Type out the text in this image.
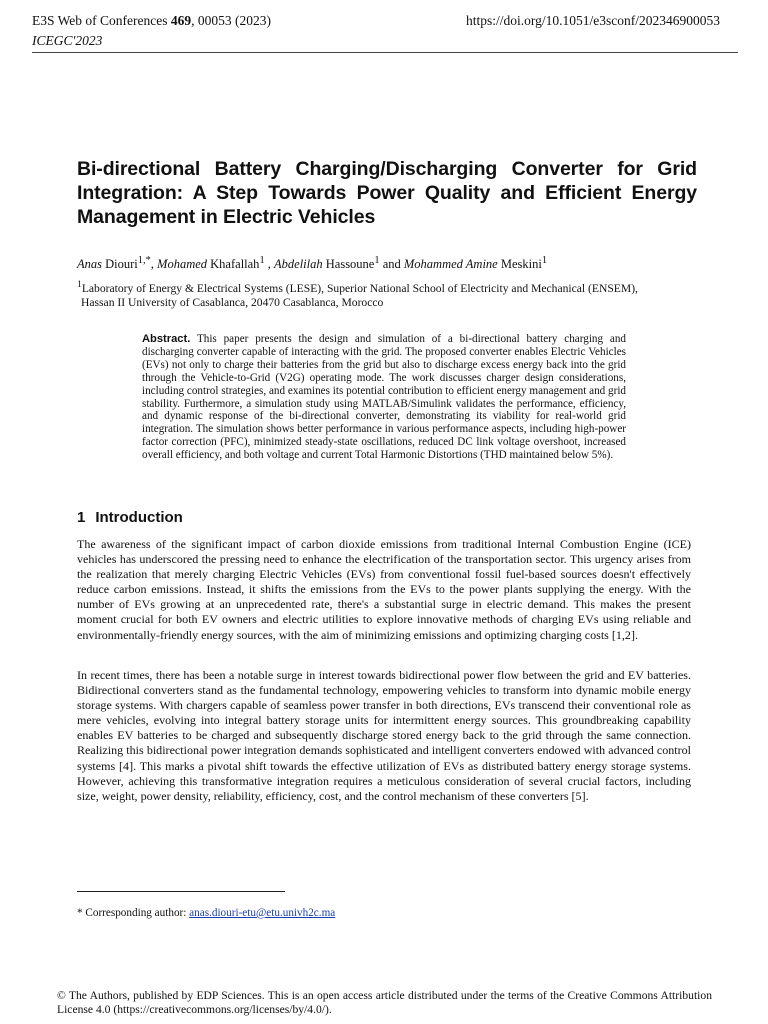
E3S Web of Conferences 469, 00053 (2023)
ICEGC'2023
https://doi.org/10.1051/e3sconf/202346900053
Bi-directional Battery Charging/Discharging Converter for Grid Integration: A Step Towards Power Quality and Efficient Energy Management in Electric Vehicles
Anas Diouri$^{1,*}$, Mohamed Khafallah$^1$ , Abdelilah Hassoune$^1$ and Mohammed Amine Meskini$^1$
$^1$Laboratory of Energy & Electrical Systems (LESE), Superior National School of Electricity and Mechanical (ENSEM),
Hassan II University of Casablanca, 20470 Casablanca, Morocco
Abstract. This paper presents the design and simulation of a bi-directional battery charging and discharging converter capable of interacting with the grid. The proposed converter enables Electric Vehicles (EVs) not only to charge their batteries from the grid but also to discharge excess energy back into the grid through the Vehicle-to-Grid (V2G) operating mode. The work discusses charger design considerations, including control strategies, and examines its potential contribution to efficient energy management and grid stability. Furthermore, a simulation study using MATLAB/Simulink validates the performance, efficiency, and dynamic response of the bi-directional converter, demonstrating its viability for real-world grid integration. The simulation shows better performance in various performance aspects, including high-power factor correction (PFC), minimized steady-state oscillations, reduced DC link voltage overshoot, increased overall efficiency, and both voltage and current Total Harmonic Distortions (THD maintained below 5%).
1 Introduction

The awareness of the significant impact of carbon dioxide emissions from traditional Internal Combustion Engine (ICE) vehicles has underscored the pressing need to enhance the electrification of the transportation sector. This urgency arises from the realization that merely charging Electric Vehicles (EVs) from conventional fossil fuel-based sources doesn't effectively reduce carbon emissions. Instead, it shifts the emissions from the EVs to the power plants supplying the energy. With the number of EVs growing at an unprecedented rate, there's a substantial surge in electric demand. This makes the present moment crucial for both EV owners and electric utilities to explore innovative methods of charging EVs using reliable and environmentally-friendly energy sources, with the aim of minimizing emissions and optimizing charging costs [1,2].

In recent times, there has been a notable surge in interest towards bidirectional power flow between the grid and EV batteries. Bidirectional converters stand as the fundamental technology, empowering vehicles to transform into dynamic mobile energy storage systems. With chargers capable of seamless power transfer in both directions, EVs transcend their conventional role as mere vehicles, evolving into integral battery storage units for intermittent energy sources. This groundbreaking capability enables EV batteries to be charged and subsequently discharge stored energy back to the grid through the same connection. Realizing this bidirectional power integration demands sophisticated and intelligent converters endowed with advanced control systems [4]. This marks a pivotal shift towards the effective utilization of EVs as distributed battery energy storage systems. However, achieving this transformative integration requires a meticulous consideration of several crucial factors, including size, weight, power density, reliability, efficiency, cost, and the control mechanism of these converters [5].

* Corresponding author: anas.diouri-etu@etu.univh2c.ma
© The Authors, published by EDP Sciences. This is an open access article distributed under the terms of the Creative Commons Attribution License 4.0 (https://creativecommons.org/licenses/by/4.0/).
